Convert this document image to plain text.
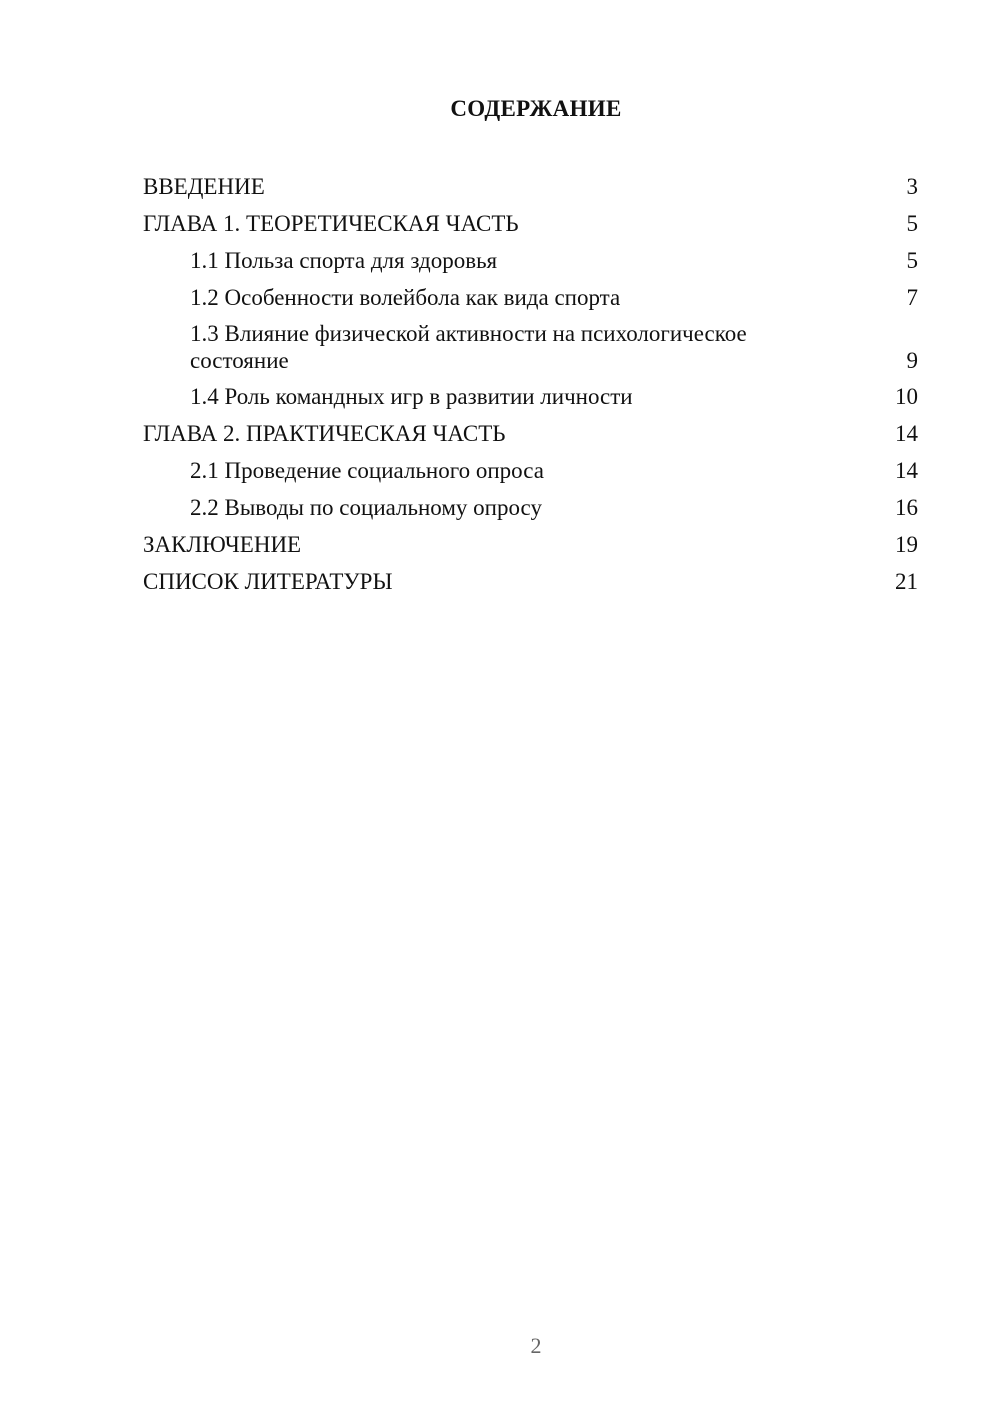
СОДЕРЖАНИЕ
ВВЕДЕНИЕ	3
ГЛАВА 1. ТЕОРЕТИЧЕСКАЯ ЧАСТЬ	5
1.1 Польза спорта для здоровья	5
1.2 Особенности волейбола как вида спорта	7
1.3 Влияние физической активности на психологическое состояние	9
1.4 Роль командных игр в развитии личности	10
ГЛАВА 2. ПРАКТИЧЕСКАЯ ЧАСТЬ	14
2.1 Проведение социального опроса	14
2.2 Выводы по социальному опросу	16
ЗАКЛЮЧЕНИЕ	19
СПИСОК ЛИТЕРАТУРЫ	21
2
